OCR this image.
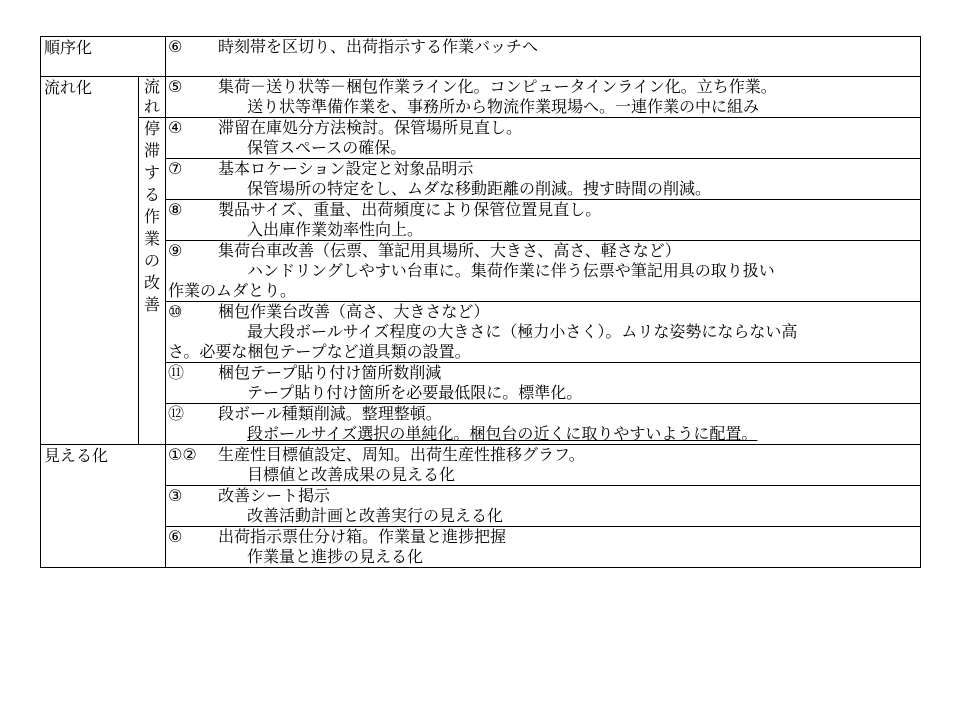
順序化		⑥ 時刻帯を区切り、出荷指示する作業バッチへ

流れ化	流れ	⑤ 集荷－送り状等－梱包作業ライン化。コンピュータインライン化。立ち作業。
送り状等準備作業を、事務所から物流作業現場へ。一連作業の中に組み

	停滞する作業の改善	④ 滞留在庫処分方法検討。保管場所見直し。
保管スペースの確保。

		⑦ 基本ロケーション設定と対象品明示
保管場所の特定をし、ムダな移動距離の削減。捜す時間の削減。

		⑧ 製品サイズ、重量、出荷頻度により保管位置見直し。
入出庫作業効率性向上。

		⑨ 集荷台車改善（伝票、筆記用具場所、大きさ、高さ、軽さなど）
ハンドリングしやすい台車に。集荷作業に伴う伝票や筆記用具の取り扱い
作業のムダとり。

		⑩ 梱包作業台改善（高さ、大きさなど）
最大段ボールサイズ程度の大きさに（極力小さく）。ムリな姿勢にならない高
さ。必要な梱包テープなど道具類の設置。

		⑪ 梱包テープ貼り付け箇所数削減
テープ貼り付け箇所を必要最低限に。標準化。

		⑫ 段ボール種類削減。整理整頓。
段ボールサイズ選択の単純化。梱包台の近くに取りやすいように配置。

見える化		①② 生産性目標値設定、周知。出荷生産性推移グラフ。
目標値と改善成果の見える化

		③ 改善シート掲示
改善活動計画と改善実行の見える化

		⑥ 出荷指示票仕分け箱。作業量と進捗把握
作業量と進捗の見える化
